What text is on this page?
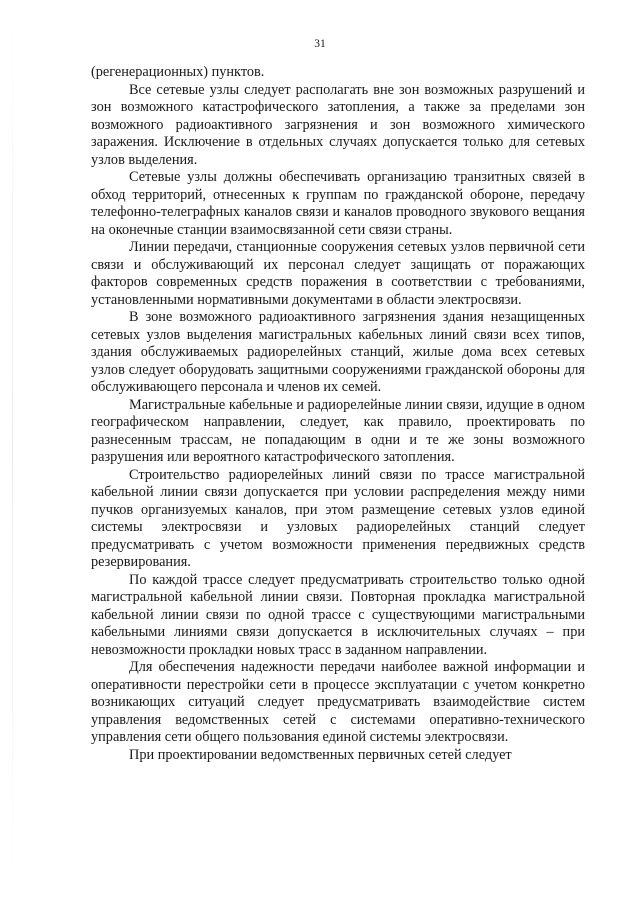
31

(регенерационных) пунктов.

Все сетевые узлы следует располагать вне зон возможных разрушений и зон возможного катастрофического затопления, а также за пределами зон возможного радиоактивного загрязнения и зон возможного химического заражения. Исключение в отдельных случаях допускается только для сетевых узлов выделения.

Сетевые узлы должны обеспечивать организацию транзитных связей в обход территорий, отнесенных к группам по гражданской обороне, передачу телефонно-телеграфных каналов связи и каналов проводного звукового вещания на оконечные станции взаимосвязанной сети связи страны.

Линии передачи, станционные сооружения сетевых узлов первичной сети связи и обслуживающий их персонал следует защищать от поражающих факторов современных средств поражения в соответствии с требованиями, установленными нормативными документами в области электросвязи.

В зоне возможного радиоактивного загрязнения здания незащищенных сетевых узлов выделения магистральных кабельных линий связи всех типов, здания обслуживаемых радиорелейных станций, жилые дома всех сетевых узлов следует оборудовать защитными сооружениями гражданской обороны для обслуживающего персонала и членов их семей.

Магистральные кабельные и радиорелейные линии связи, идущие в одном географическом направлении, следует, как правило, проектировать по разнесенным трассам, не попадающим в одни и те же зоны возможного разрушения или вероятного катастрофического затопления.

Строительство радиорелейных линий связи по трассе магистральной кабельной линии связи допускается при условии распределения между ними пучков организуемых каналов, при этом размещение сетевых узлов единой системы электросвязи и узловых радиорелейных станций следует предусматривать с учетом возможности применения передвижных средств резервирования.

По каждой трассе следует предусматривать строительство только одной магистральной кабельной линии связи. Повторная прокладка магистральной кабельной линии связи по одной трассе с существующими магистральными кабельными линиями связи допускается в исключительных случаях – при невозможности прокладки новых трасс в заданном направлении.

Для обеспечения надежности передачи наиболее важной информации и оперативности перестройки сети в процессе эксплуатации с учетом конкретно возникающих ситуаций следует предусматривать взаимодействие систем управления ведомственных сетей с системами оперативно-технического управления сети общего пользования единой системы электросвязи.

При проектировании ведомственных первичных сетей следует
